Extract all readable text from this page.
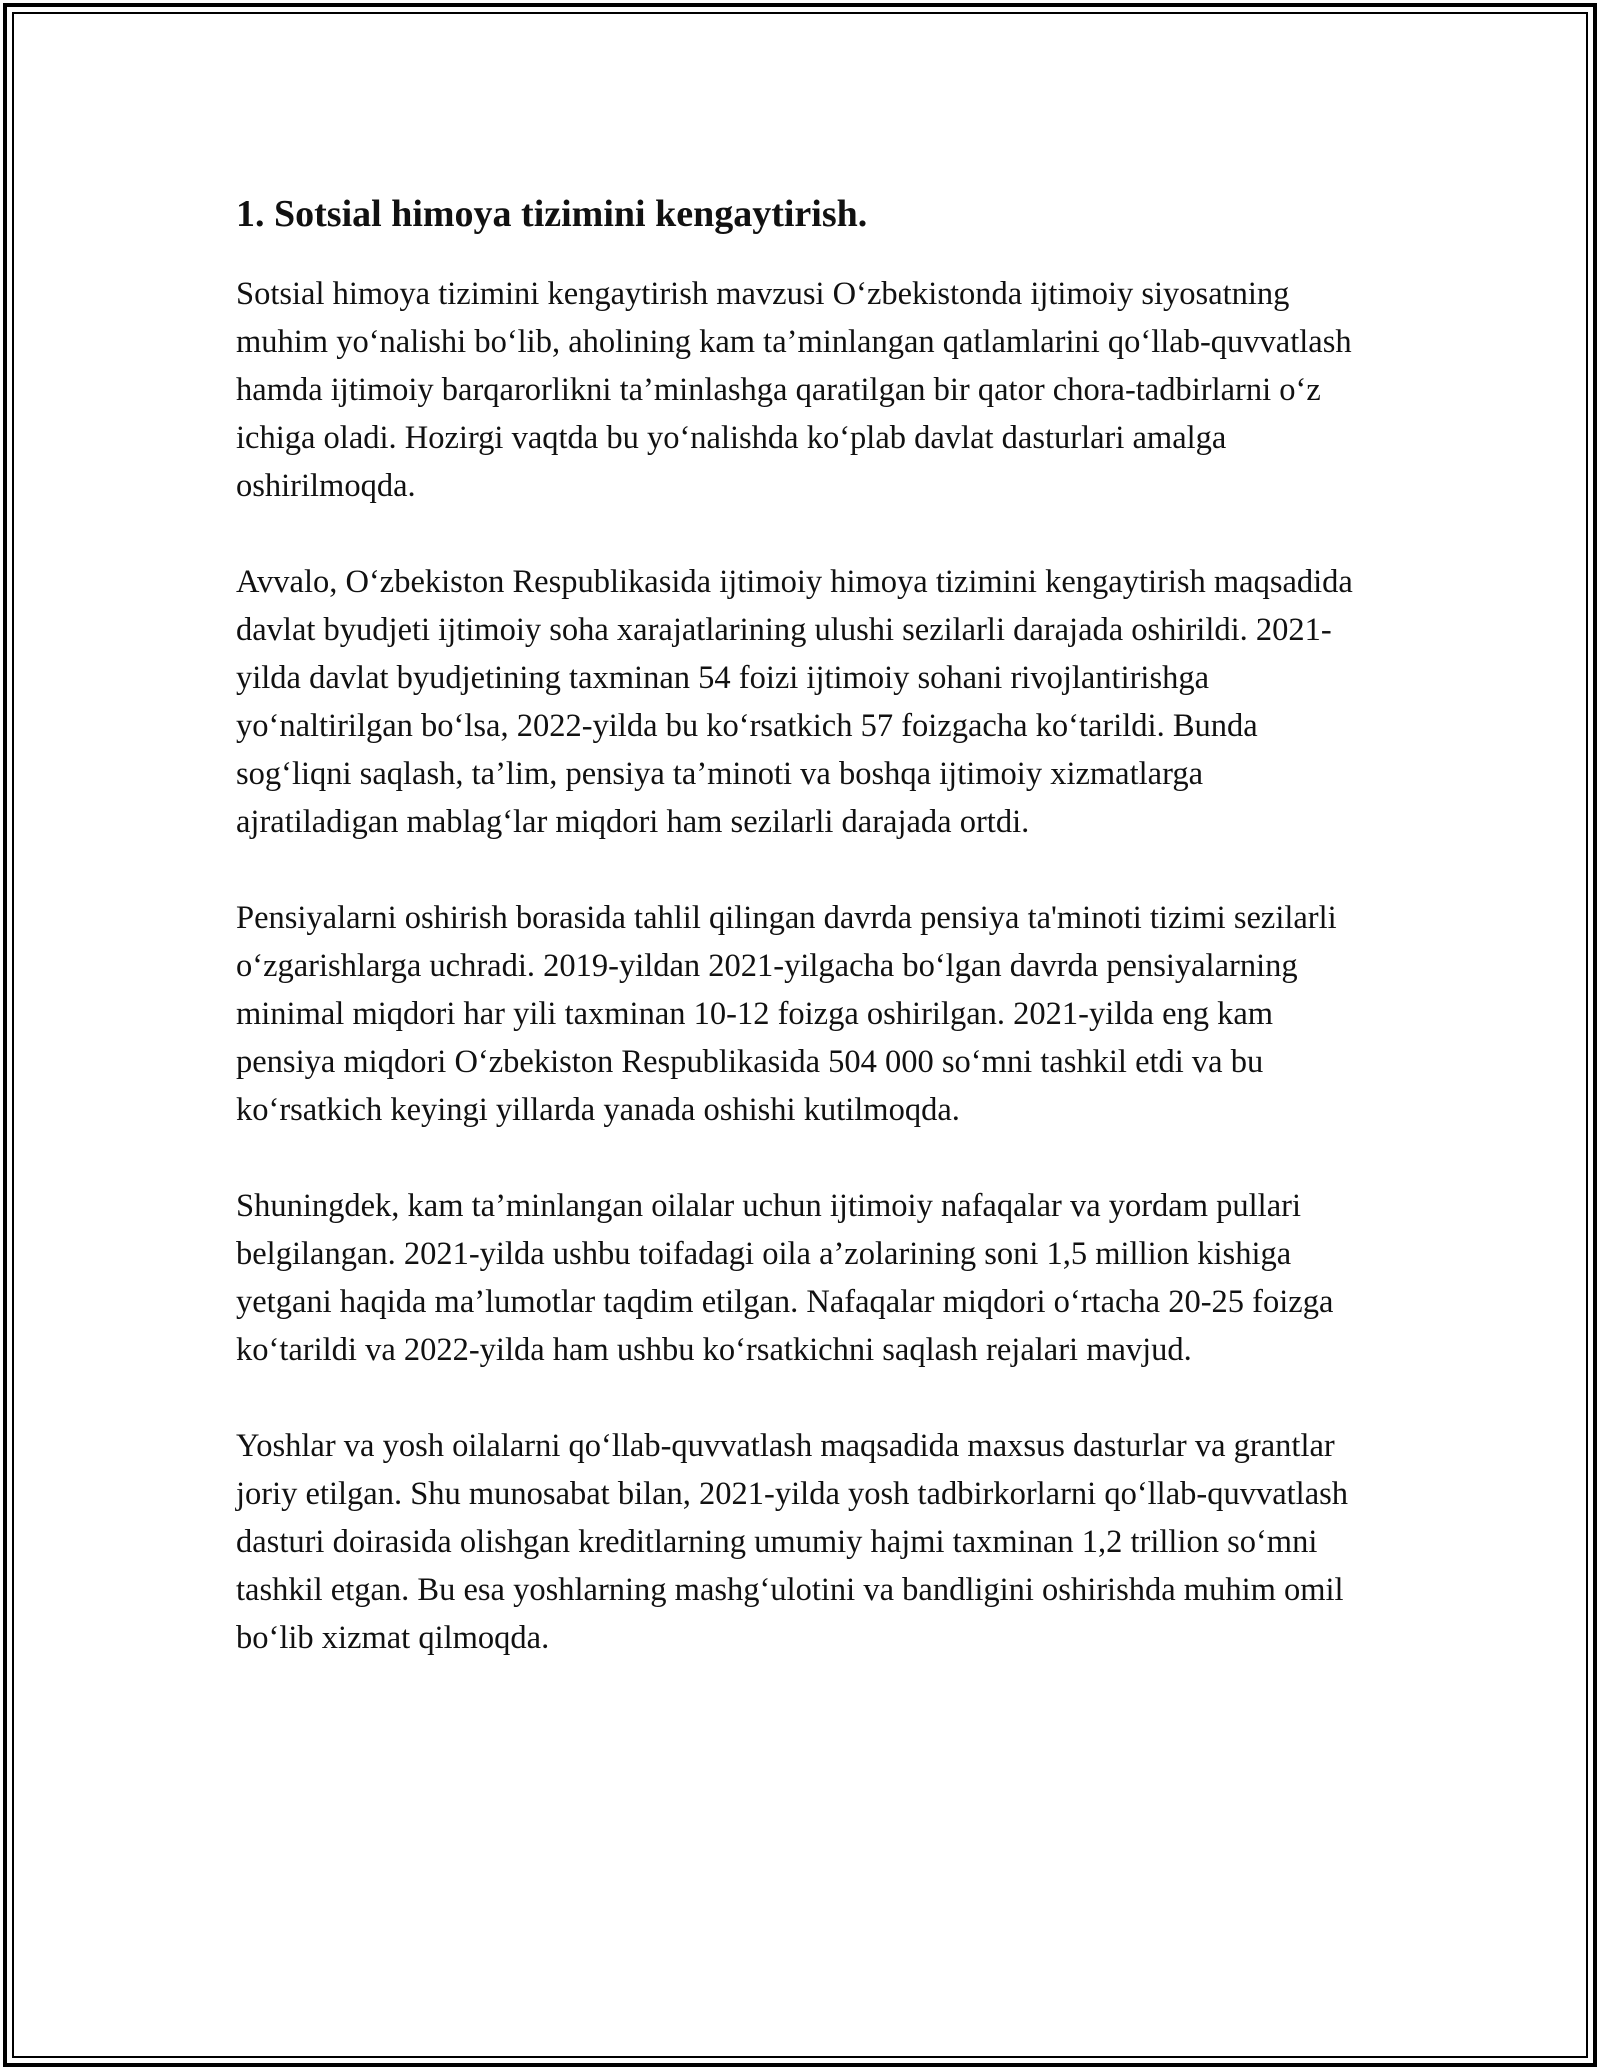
1. Sotsial himoya tizimini kengaytirish.

Sotsial himoya tizimini kengaytirish mavzusi O‘zbekistonda ijtimoiy siyosatning muhim yo‘nalishi bo‘lib, aholining kam ta’minlangan qatlamlarini qo‘llab-quvvatlash hamda ijtimoiy barqarorlikni ta’minlashga qaratilgan bir qator chora-tadbirlarni o‘z ichiga oladi. Hozirgi vaqtda bu yo‘nalishda ko‘plab davlat dasturlari amalga oshirilmoqda.

Avvalo, O‘zbekiston Respublikasida ijtimoiy himoya tizimini kengaytirish maqsadida davlat byudjeti ijtimoiy soha xarajatlarining ulushi sezilarli darajada oshirildi. 2021-yilda davlat byudjetining taxminan 54 foizi ijtimoiy sohani rivojlantirishga yo‘naltirilgan bo‘lsa, 2022-yilda bu ko‘rsatkich 57 foizgacha ko‘tarildi. Bunda sog‘liqni saqlash, ta’lim, pensiya ta’minoti va boshqa ijtimoiy xizmatlarga ajratiladigan mablag‘lar miqdori ham sezilarli darajada ortdi.

Pensiyalarni oshirish borasida tahlil qilingan davrda pensiya ta'minoti tizimi sezilarli o‘zgarishlarga uchradi. 2019-yildan 2021-yilgacha bo‘lgan davrda pensiyalarning minimal miqdori har yili taxminan 10-12 foizga oshirilgan. 2021-yilda eng kam pensiya miqdori O‘zbekiston Respublikasida 504 000 so‘mni tashkil etdi va bu ko‘rsatkich keyingi yillarda yanada oshishi kutilmoqda.

Shuningdek, kam ta’minlangan oilalar uchun ijtimoiy nafaqalar va yordam pullari belgilangan. 2021-yilda ushbu toifadagi oila a’zolarining soni 1,5 million kishiga yetgani haqida ma’lumotlar taqdim etilgan. Nafaqalar miqdori o‘rtacha 20-25 foizga ko‘tarildi va 2022-yilda ham ushbu ko‘rsatkichni saqlash rejalari mavjud.

Yoshlar va yosh oilalarni qo‘llab-quvvatlash maqsadida maxsus dasturlar va grantlar joriy etilgan. Shu munosabat bilan, 2021-yilda yosh tadbirkorlarni qo‘llab-quvvatlash dasturi doirasida olishgan kreditlarning umumiy hajmi taxminan 1,2 trillion so‘mni tashkil etgan. Bu esa yoshlarning mashg‘ulotini va bandligini oshirishda muhim omil bo‘lib xizmat qilmoqda.
